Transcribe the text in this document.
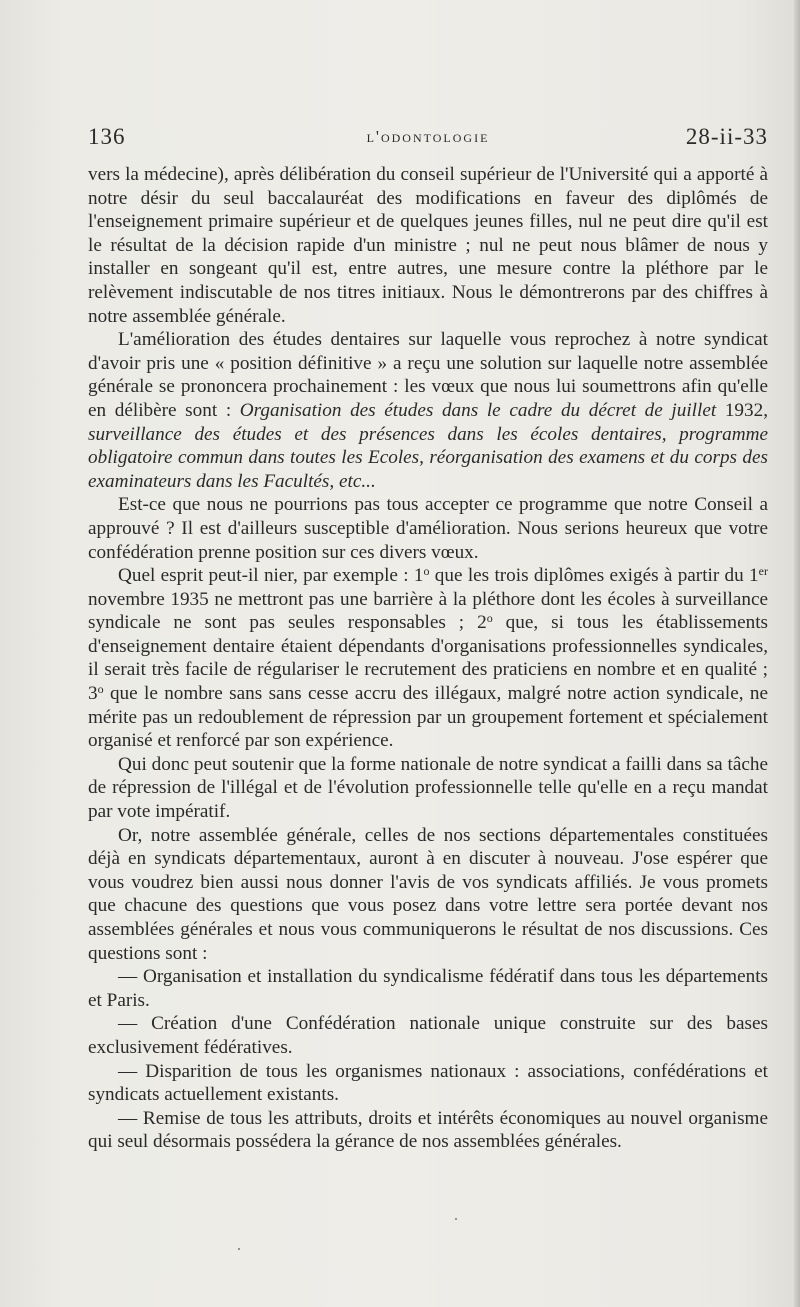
136	l'odontologie	28-ii-33

vers la médecine), après délibération du conseil supérieur de l'Université qui a apporté à notre désir du seul baccalauréat des modifications en faveur des diplômés de l'enseignement primaire supérieur et de quelques jeunes filles, nul ne peut dire qu'il est le résultat de la décision rapide d'un ministre ; nul ne peut nous blâmer de nous y installer en songeant qu'il est, entre autres, une mesure contre la pléthore par le relèvement indiscutable de nos titres initiaux. Nous le démontrerons par des chiffres à notre assemblée générale.

L'amélioration des études dentaires sur laquelle vous reprochez à notre syndicat d'avoir pris une « position définitive » a reçu une solution sur laquelle notre assemblée générale se prononcera prochainement : les vœux que nous lui soumettrons afin qu'elle en délibère sont : Organisation des études dans le cadre du décret de juillet 1932, surveillance des études et des présences dans les écoles dentaires, programme obligatoire commun dans toutes les Ecoles, réorganisation des examens et du corps des examinateurs dans les Facultés, etc...

Est-ce que nous ne pourrions pas tous accepter ce programme que notre Conseil a approuvé ? Il est d'ailleurs susceptible d'amélioration. Nous serions heureux que votre confédération prenne position sur ces divers vœux.

Quel esprit peut-il nier, par exemple : 1$^o$ que les trois diplômes exigés à partir du 1er novembre 1935 ne mettront pas une barrière à la pléthore dont les écoles à surveillance syndicale ne sont pas seules responsables ; 2$^o$ que, si tous les établissements d'enseignement dentaire étaient dépendants d'organisations professionnelles syndicales, il serait très facile de régulariser le recrutement des praticiens en nombre et en qualité ; 3$^o$ que le nombre sans sans cesse accru des illégaux, malgré notre action syndicale, ne mérite pas un redoublement de répression par un groupement fortement et spécialement organisé et renforcé par son expérience.

Qui donc peut soutenir que la forme nationale de notre syndicat a failli dans sa tâche de répression de l'illégal et de l'évolution professionnelle telle qu'elle en a reçu mandat par vote impératif.

Or, notre assemblée générale, celles de nos sections départementales constituées déjà en syndicats départementaux, auront à en discuter à nouveau. J'ose espérer que vous voudrez bien aussi nous donner l'avis de vos syndicats affiliés. Je vous promets que chacune des questions que vous posez dans votre lettre sera portée devant nos assemblées générales et nous vous communiquerons le résultat de nos discussions. Ces questions sont :

— Organisation et installation du syndicalisme fédératif dans tous les départements et Paris.

— Création d'une Confédération nationale unique construite sur des bases exclusivement fédératives.

— Disparition de tous les organismes nationaux : associations, confédérations et syndicats actuellement existants.

— Remise de tous les attributs, droits et intérêts économiques au nouvel organisme qui seul désormais possédera la gérance de nos assemblées générales.
